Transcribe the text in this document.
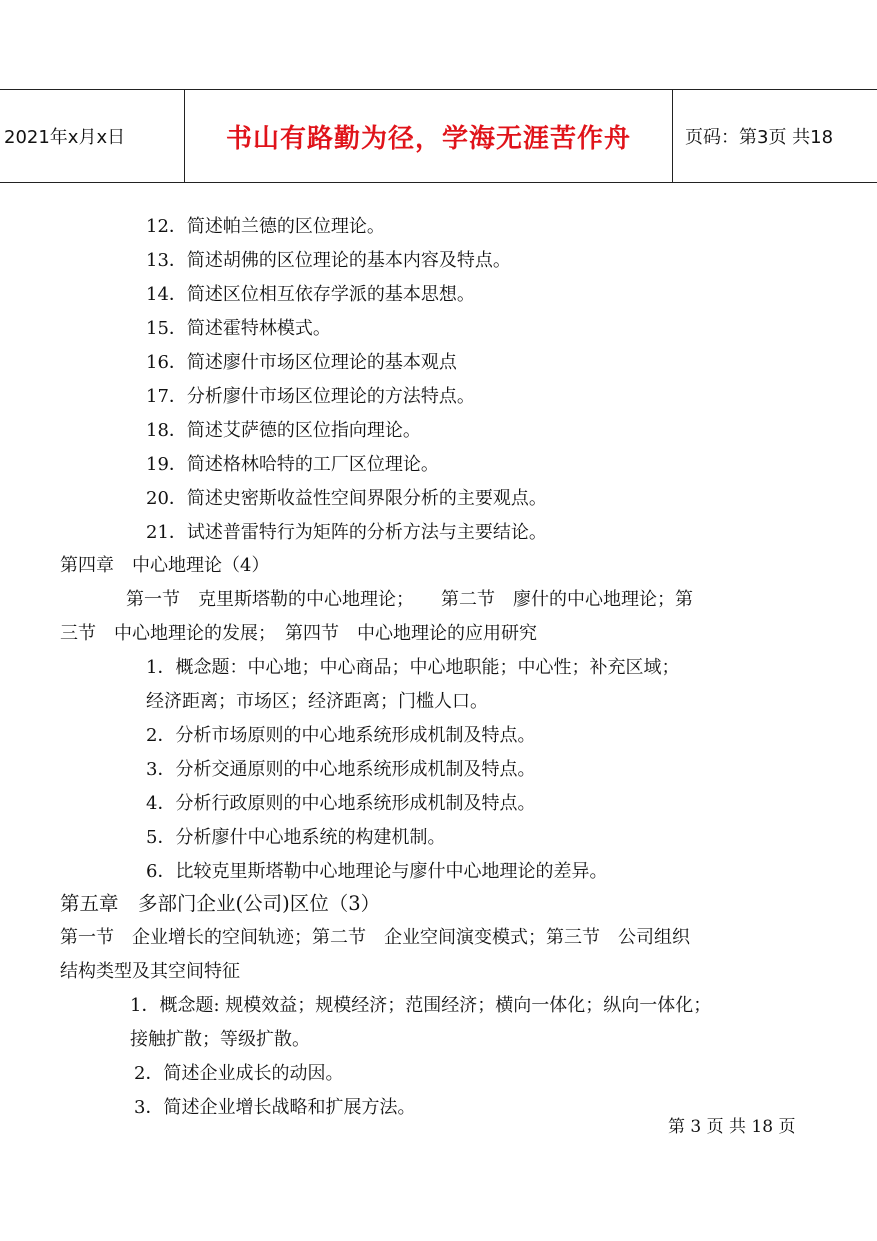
2021年x月x日	书山有路勤为径，学海无涯苦作舟	页码：第3页 共18
12．简述帕兰德的区位理论。
13．简述胡佛的区位理论的基本内容及特点。
14．简述区位相互依存学派的基本思想。
15．简述霍特林模式。
16．简述廖什市场区位理论的基本观点
17．分析廖什市场区位理论的方法特点。
18．简述艾萨德的区位指向理论。
19．简述格林哈特的工厂区位理论。
20．简述史密斯收益性空间界限分析的主要观点。
21．试述普雷特行为矩阵的分析方法与主要结论。
第四章　中心地理论（4）
第一节　克里斯塔勒的中心地理论；　　第二节　廖什的中心地理论；第
三节　中心地理论的发展；　第四节　中心地理论的应用研究
1．概念题：中心地；中心商品；中心地职能；中心性；补充区域；
经济距离；市场区；经济距离；门槛人口。
2．分析市场原则的中心地系统形成机制及特点。
3．分析交通原则的中心地系统形成机制及特点。
4．分析行政原则的中心地系统形成机制及特点。
5．分析廖什中心地系统的构建机制。
6．比较克里斯塔勒中心地理论与廖什中心地理论的差异。
第五章　多部门企业(公司)区位（3）
第一节　企业增长的空间轨迹；第二节　企业空间演变模式；第三节　公司组织
结构类型及其空间特征
1．概念题: 规模效益；规模经济；范围经济；横向一体化；纵向一体化；
接触扩散；等级扩散。
2．简述企业成长的动因。
3．简述企业增长战略和扩展方法。
第 3 页 共 18 页
